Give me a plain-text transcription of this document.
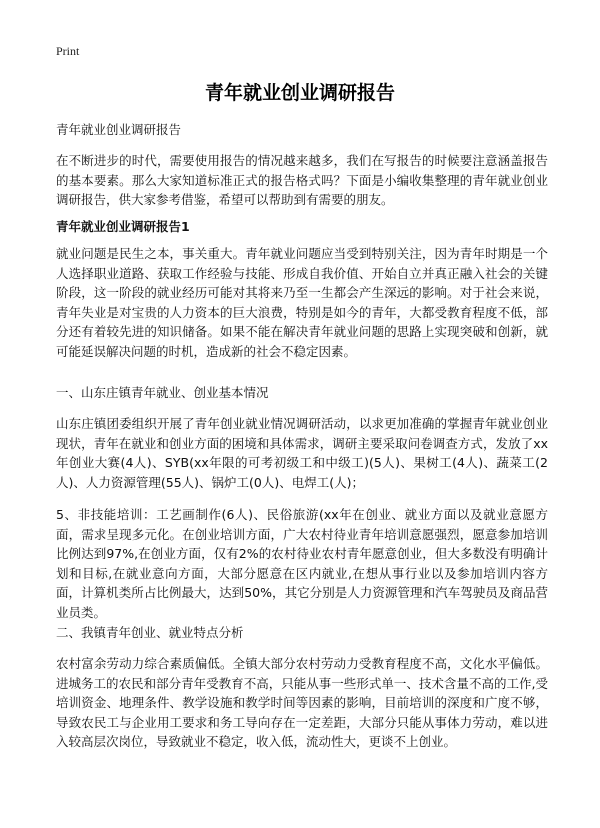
Print
青年就业创业调研报告
青年就业创业调研报告
在不断进步的时代，需要使用报告的情况越来越多，我们在写报告的时候要注意涵盖报告的基本要素。那么大家知道标准正式的报告格式吗？下面是小编收集整理的青年就业创业调研报告，供大家参考借鉴，希望可以帮助到有需要的朋友。
青年就业创业调研报告1
就业问题是民生之本，事关重大。青年就业问题应当受到特别关注，因为青年时期是一个人选择职业道路、获取工作经验与技能、形成自我价值、开始自立并真正融入社会的关键阶段，这一阶段的就业经历可能对其将来乃至一生都会产生深远的影响。对于社会来说，青年失业是对宝贵的人力资本的巨大浪费，特别是如今的青年，大都受教育程度不低，部分还有着较先进的知识储备。如果不能在解决青年就业问题的思路上实现突破和创新，就可能延误解决问题的时机，造成新的社会不稳定因素。
一、山东庄镇青年就业、创业基本情况
山东庄镇团委组织开展了青年创业就业情况调研活动，以求更加准确的掌握青年就业创业现状，青年在就业和创业方面的困境和具体需求，调研主要采取问卷调查方式，发放了xx年创业大赛(4人)、SYB(xx年限的可考初级工和中级工)(5人)、果树工(4人)、蔬菜工(2人)、人力资源管理(55人)、锅炉工(0人)、电焊工(人)；
5、非技能培训：工艺画制作(6人)、民俗旅游(xx年在创业、就业方面以及就业意愿方面，需求呈现多元化。在创业培训方面，广大农村待业青年培训意愿强烈，愿意参加培训比例达到97%,在创业方面，仅有2%的农村待业农村青年愿意创业，但大多数没有明确计划和目标,在就业意向方面，大部分愿意在区内就业,在想从事行业以及参加培训内容方面，计算机类所占比例最大，达到50%，其它分别是人力资源管理和汽车驾驶员及商品营业员类。
二、我镇青年创业、就业特点分析
农村富余劳动力综合素质偏低。全镇大部分农村劳动力受教育程度不高，文化水平偏低。进城务工的农民和部分青年受教育不高，只能从事一些形式单一、技术含量不高的工作,受培训资金、地理条件、教学设施和教学时间等因素的影响，目前培训的深度和广度不够，导致农民工与企业用工要求和务工导向存在一定差距，大部分只能从事体力劳动，难以进入较高层次岗位，导致就业不稳定，收入低，流动性大，更谈不上创业。
